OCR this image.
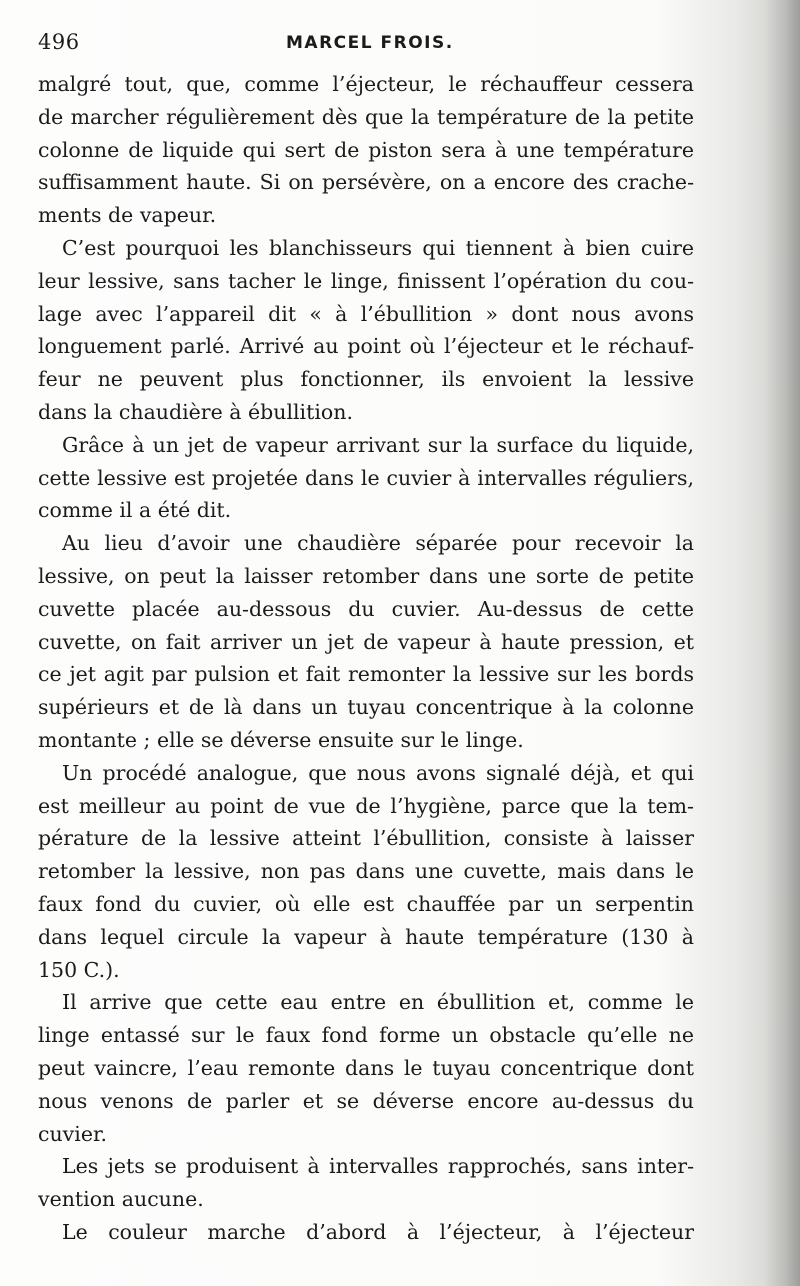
496	MARCEL FROIS.
malgré tout, que, comme l’éjecteur, le réchauffeur cessera
de marcher régulièrement dès que la température de la petite
colonne de liquide qui sert de piston sera à une température
suffisamment haute. Si on persévère, on a encore des crache-
ments de vapeur.
C’est pourquoi les blanchisseurs qui tiennent à bien cuire
leur lessive, sans tacher le linge, finissent l’opération du cou-
lage avec l’appareil dit « à l’ébullition » dont nous avons
longuement parlé. Arrivé au point où l’éjecteur et le réchauf-
feur ne peuvent plus fonctionner, ils envoient la lessive
dans la chaudière à ébullition.
Grâce à un jet de vapeur arrivant sur la surface du liquide,
cette lessive est projetée dans le cuvier à intervalles réguliers,
comme il a été dit.
Au lieu d’avoir une chaudière séparée pour recevoir la
lessive, on peut la laisser retomber dans une sorte de petite
cuvette placée au-dessous du cuvier. Au-dessus de cette
cuvette, on fait arriver un jet de vapeur à haute pression, et
ce jet agit par pulsion et fait remonter la lessive sur les bords
supérieurs et de là dans un tuyau concentrique à la colonne
montante ; elle se déverse ensuite sur le linge.
Un procédé analogue, que nous avons signalé déjà, et qui
est meilleur au point de vue de l’hygiène, parce que la tem-
pérature de la lessive atteint l’ébullition, consiste à laisser
retomber la lessive, non pas dans une cuvette, mais dans le
faux fond du cuvier, où elle est chauffée par un serpentin
dans lequel circule la vapeur à haute température (130 à
150 C.).
Il arrive que cette eau entre en ébullition et, comme le
linge entassé sur le faux fond forme un obstacle qu’elle ne
peut vaincre, l’eau remonte dans le tuyau concentrique dont
nous venons de parler et se déverse encore au-dessus du
cuvier.
Les jets se produisent à intervalles rapprochés, sans inter-
vention aucune.
Le couleur marche d’abord à l’éjecteur, à l’éjecteur
